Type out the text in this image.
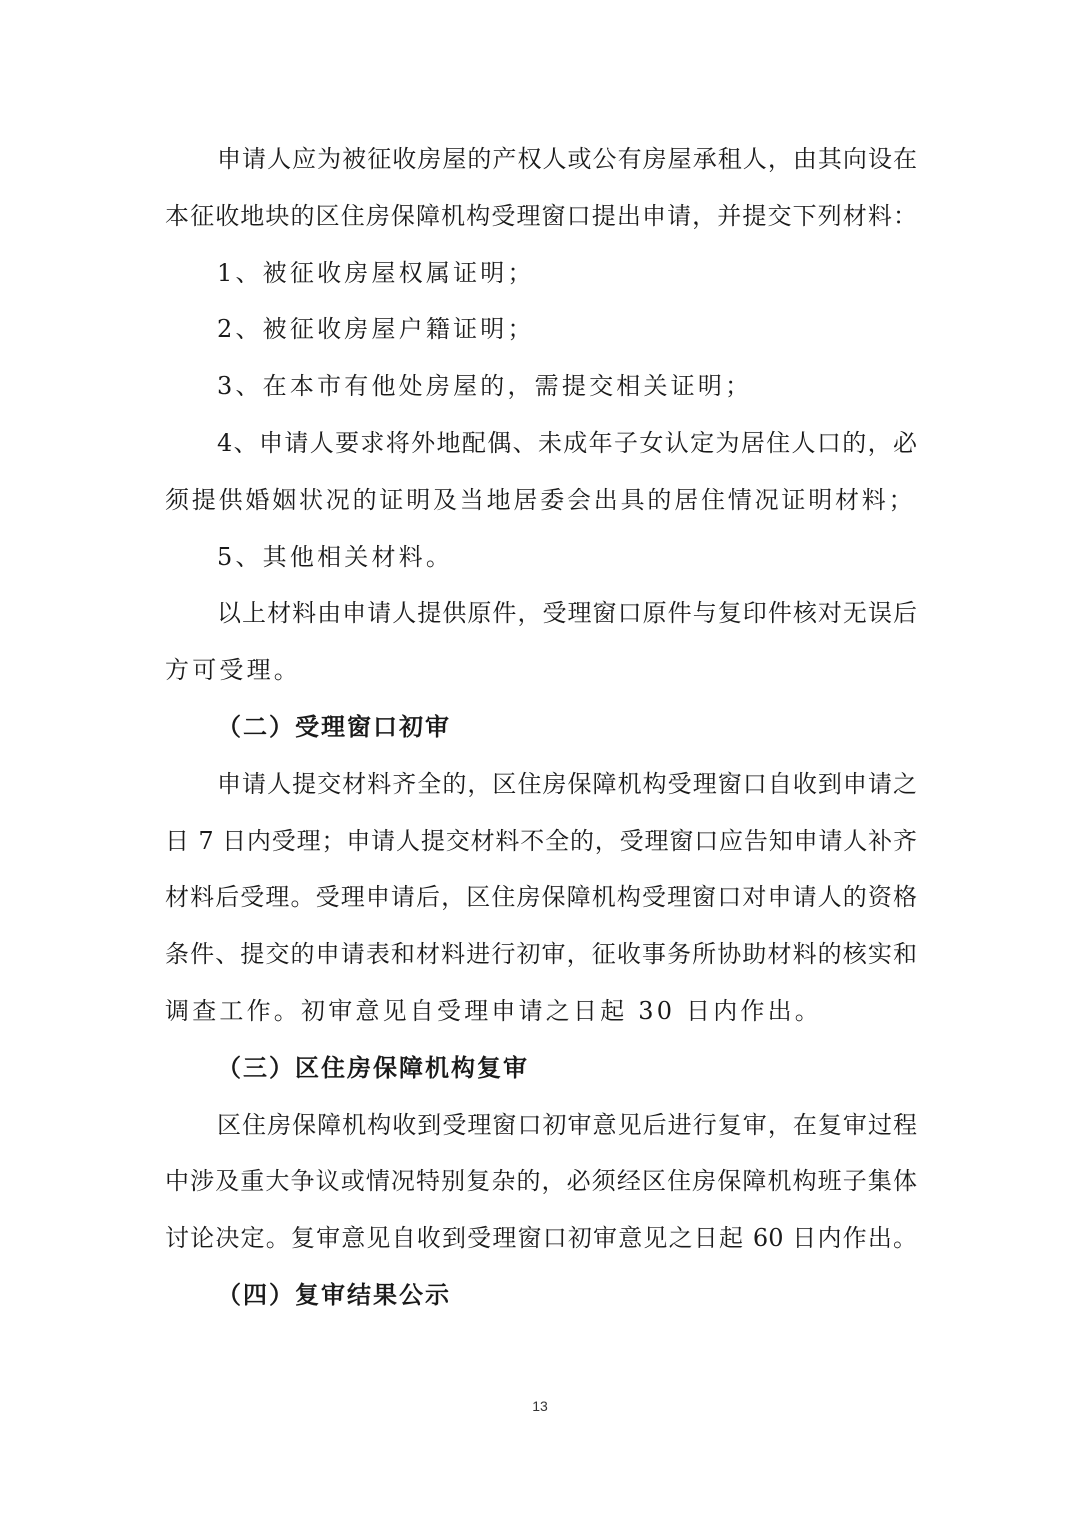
申请人应为被征收房屋的产权人或公有房屋承租人，由其向设在
本征收地块的区住房保障机构受理窗口提出申请，并提交下列材料：
1、被征收房屋权属证明；
2、被征收房屋户籍证明；
3、在本市有他处房屋的，需提交相关证明；
4、申请人要求将外地配偶、未成年子女认定为居住人口的，必
须提供婚姻状况的证明及当地居委会出具的居住情况证明材料；
5、其他相关材料。
以上材料由申请人提供原件，受理窗口原件与复印件核对无误后
方可受理。
（二）受理窗口初审
申请人提交材料齐全的，区住房保障机构受理窗口自收到申请之
日 7 日内受理；申请人提交材料不全的，受理窗口应告知申请人补齐
材料后受理。受理申请后，区住房保障机构受理窗口对申请人的资格
条件、提交的申请表和材料进行初审，征收事务所协助材料的核实和
调查工作。初审意见自受理申请之日起 30 日内作出。
（三）区住房保障机构复审
区住房保障机构收到受理窗口初审意见后进行复审，在复审过程
中涉及重大争议或情况特别复杂的，必须经区住房保障机构班子集体
讨论决定。复审意见自收到受理窗口初审意见之日起 60 日内作出。
（四）复审结果公示
13
